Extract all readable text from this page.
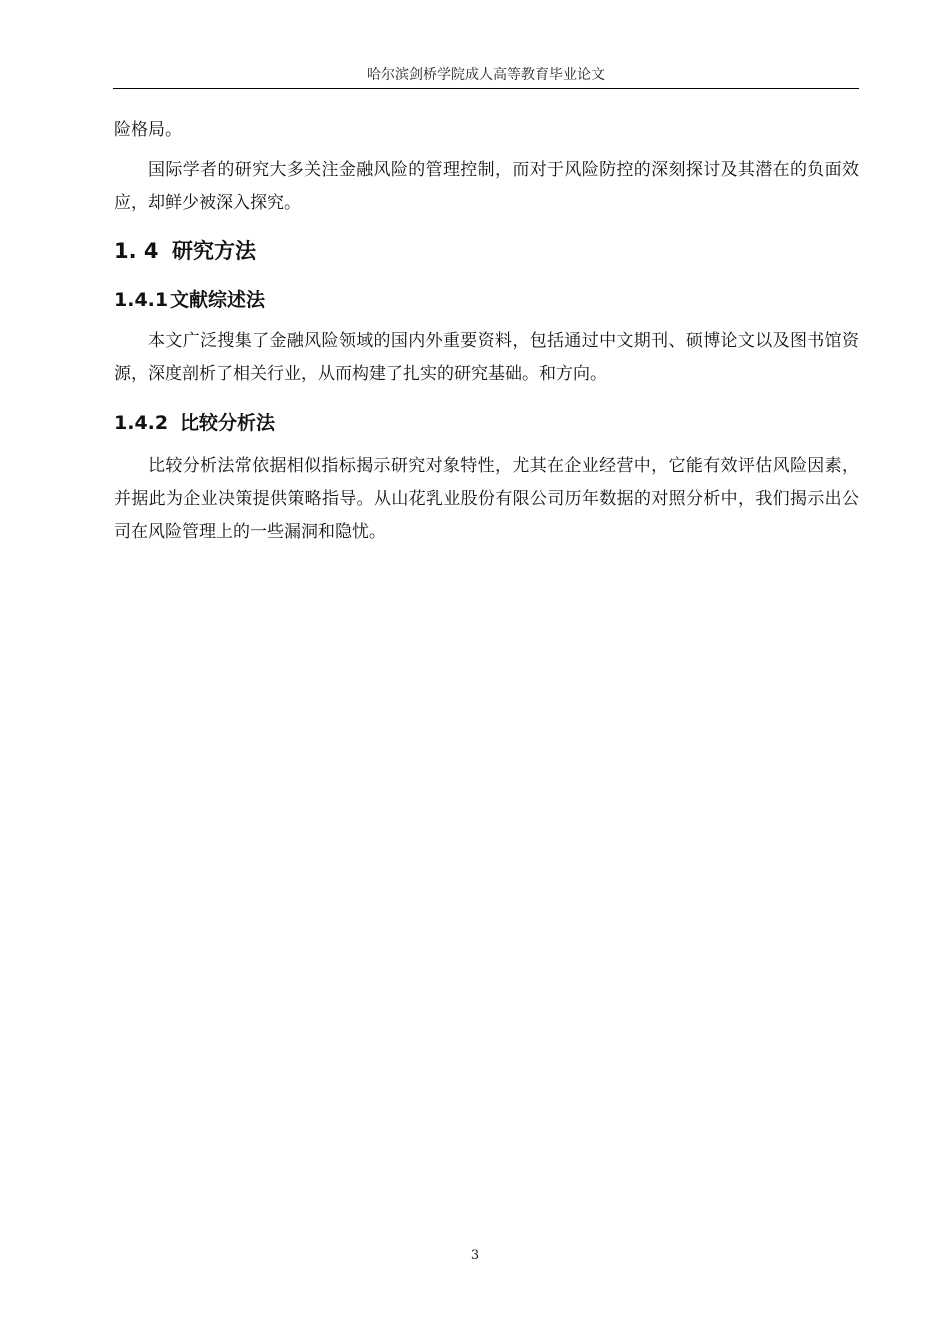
哈尔滨剑桥学院成人高等教育毕业论文

险格局。

国际学者的研究大多关注金融风险的管理控制，而对于风险防控的深刻探讨及其潜在的负面效应，却鲜少被深入探究。

1. 4 研究方法
1.4.1文献综述法

本文广泛搜集了金融风险领域的国内外重要资料，包括通过中文期刊、硕博论文以及图书馆资源，深度剖析了相关行业，从而构建了扎实的研究基础。和方向。

1.4.2 比较分析法

比较分析法常依据相似指标揭示研究对象特性，尤其在企业经营中，它能有效评估风险因素，并据此为企业决策提供策略指导。从山花乳业股份有限公司历年数据的对照分析中，我们揭示出公司在风险管理上的一些漏洞和隐忧。

3
